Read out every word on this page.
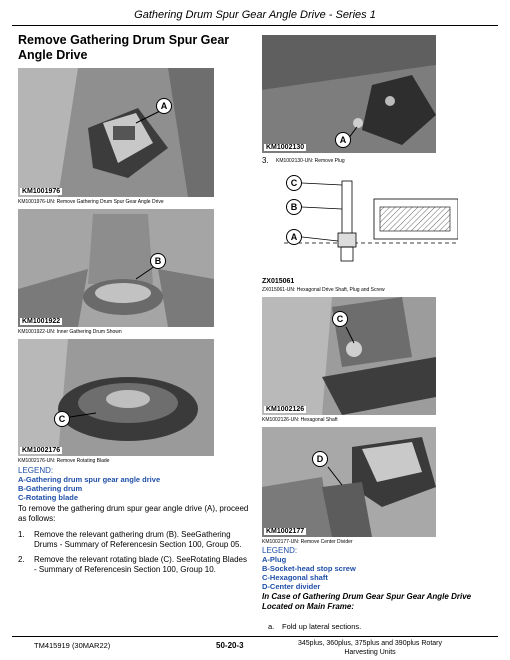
Gathering Drum Spur Gear Angle Drive - Series 1
Remove Gathering Drum Spur Gear Angle Drive
A
KM1001976
KM1001976-UN: Remove Gathering Drum Spur Gear Angle Drive
B
KM1001922
KM1001922-UN: Inner Gathering Drum Shown
C
KM1002176
KM1002176-UN: Remove Rotating Blade
LEGEND:
A-Gathering drum spur gear angle drive
B-Gathering drum
C-Rotating blade
To remove the gathering drum spur gear angle drive (A), proceed as follows:
1.	Remove the relevant gathering drum (B). SeeGathering Drums - Summary of Referencesin Section 100, Group 05.
2.	Remove the relevant rotating blade (C). SeeRotating Blades - Summary of Referencesin Section 100, Group 10.
A
KM1002130
3.	KM1002130-UN: Remove Plug
C
B
A
ZX015061
ZX015061-UN: Hexagonal Drive Shaft, Plug and Screw
C
KM1002126
KM1002126-UN: Hexagonal Shaft
D
KM1002177
KM1002177-UN: Remove Center Divider
LEGEND:
A-Plug
B-Socket-head stop screw
C-Hexagonal shaft
D-Center divider
In Case of Gathering Drum Gear Spur Gear Angle Drive Located on Main Frame:
a.	Fold up lateral sections.
TM415919 (30MAR22)	50-20-3	345plus, 360plus, 375plus and 390plus Rotary Harvesting Units
